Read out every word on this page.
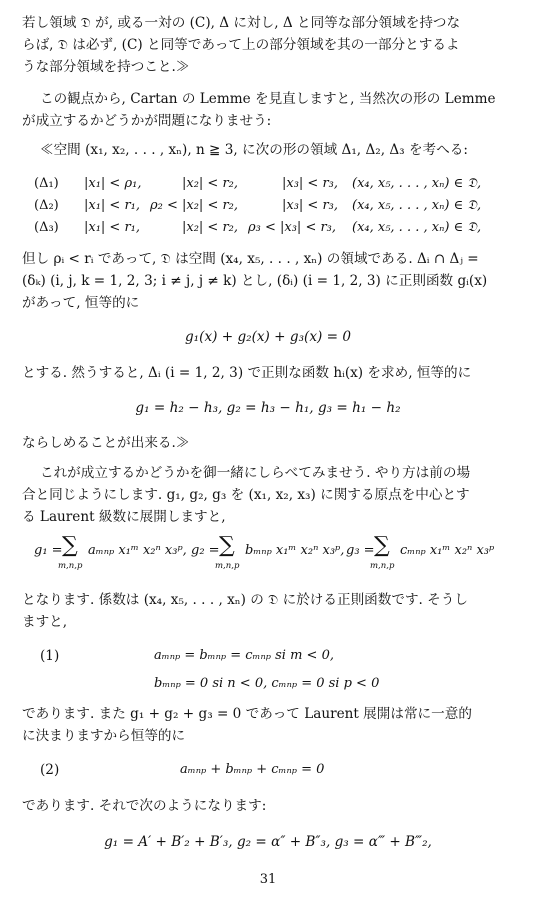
若し領域 𝔇 が, 或る一対の (C), Δ に対し, Δ と同等な部分領域を持つな
らば, 𝔇 は必ず, (C) と同等であって上の部分領域を其の一部分とするよ
うな部分領域を持つこと.≫
この観点から, Cartan の Lemme を見直しますと, 当然次の形の Lemme
が成立するかどうかが問題になりませう:
≪空間 (x₁, x₂, . . . , xₙ), n ≧ 3, に次の形の領域 Δ₁, Δ₂, Δ₃ を考へる:
(Δ₁) |x₁| < ρ₁,	|x₂| < r₂,	|x₃| < r₃, (x₄, x₅, . . . , xₙ) ∈ 𝔇,
(Δ₂) |x₁| < r₁, ρ₂ < |x₂| < r₂,	|x₃| < r₃, (x₄, x₅, . . . , xₙ) ∈ 𝔇,
(Δ₃) |x₁| < r₁,	|x₂| < r₂, ρ₃ < |x₃| < r₃, (x₄, x₅, . . . , xₙ) ∈ 𝔇,
但し ρᵢ < rᵢ であって, 𝔇 は空間 (x₄, x₅, . . . , xₙ) の領域である. Δᵢ ∩ Δⱼ =
(δₖ) (i, j, k = 1, 2, 3; i ≠ j, j ≠ k) とし, (δᵢ) (i = 1, 2, 3) に正則函数 gᵢ(x)
があって, 恒等的に
g₁(x) + g₂(x) + g₃(x) = 0
とする. 然うすると, Δᵢ (i = 1, 2, 3) で正則な函数 hᵢ(x) を求め, 恒等的に
g₁ = h₂ − h₃, g₂ = h₃ − h₁, g₃ = h₁ − h₂
ならしめることが出来る.≫
これが成立するかどうかを御一緒にしらべてみませう. やり方は前の場
合と同じようにします. g₁, g₂, g₃ を (x₁, x₂, x₃) に関する原点を中心とす
る Laurent 級数に展開しますと,
g₁ = ∑
m,n,p
aₘₙₚ x₁ᵐ x₂ⁿ x₃ᵖ, g₂ = ∑
m,n,p
bₘₙₚ x₁ᵐ x₂ⁿ x₃ᵖ, g₃ = ∑
m,n,p
cₘₙₚ x₁ᵐ x₂ⁿ x₃ᵖ
となります. 係数は (x₄, x₅, . . . , xₙ) の 𝔇 に於ける正則函数です. そうし
ますと,
(1)	aₘₙₚ = bₘₙₚ = cₘₙₚ si m < 0,
bₘₙₚ = 0 si n < 0, cₘₙₚ = 0 si p < 0
であります. また g₁ + g₂ + g₃ = 0 であって Laurent 展開は常に一意的
に決まりますから恒等的に
(2)	aₘₙₚ + bₘₙₚ + cₘₙₚ = 0
であります. それで次のようになります:
g₁ = A′ + B′₂ + B′₃, g₂ = α″ + B″₃, g₃ = α‴ + B‴₂,
31
